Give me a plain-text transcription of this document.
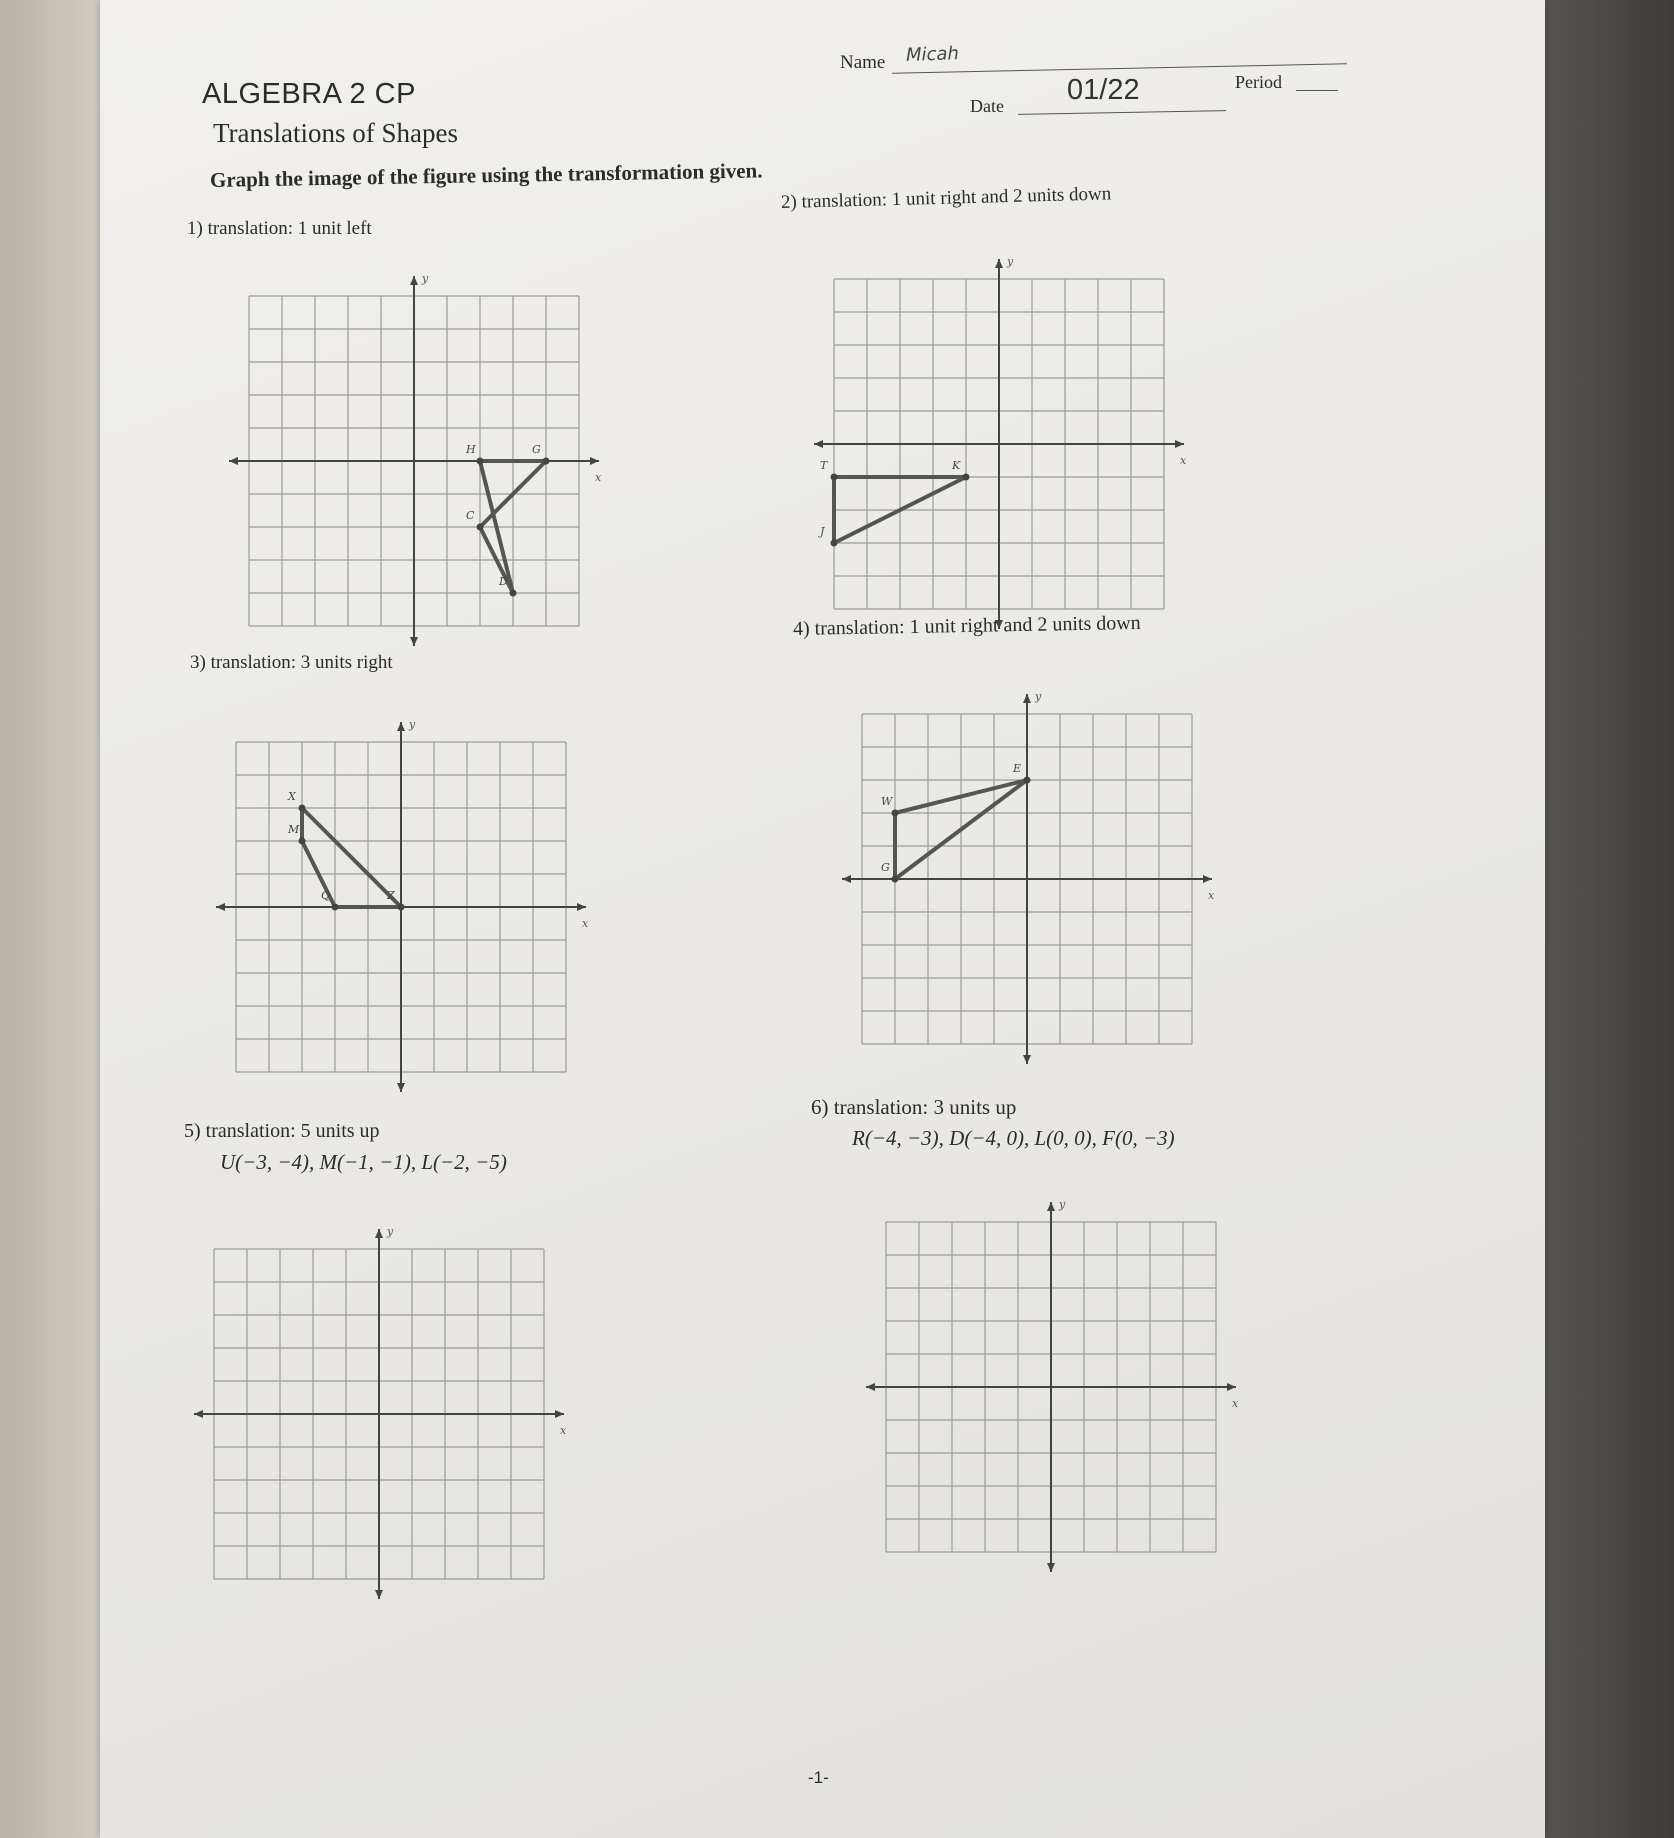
ALGEBRA 2 CP
Translations of Shapes
Name Micah
Date 01/22	Period
Graph the image of the figure using the transformation given.
1) translation: 1 unit left
x
y
H	G
C
D
2) translation: 1 unit right and 2 units down
x
y
T	K
J
3) translation: 3 units right
x
y
X
M
Q	Z
4) translation: 1 unit right and 2 units down
x
y
E
W
G
5) translation: 5 units up
U(−3, −4), M(−1, −1), L(−2, −5)
x
y
6) translation: 3 units up
R(−4, −3), D(−4, 0), L(0, 0), F(0, −3)
x
y
-1-
